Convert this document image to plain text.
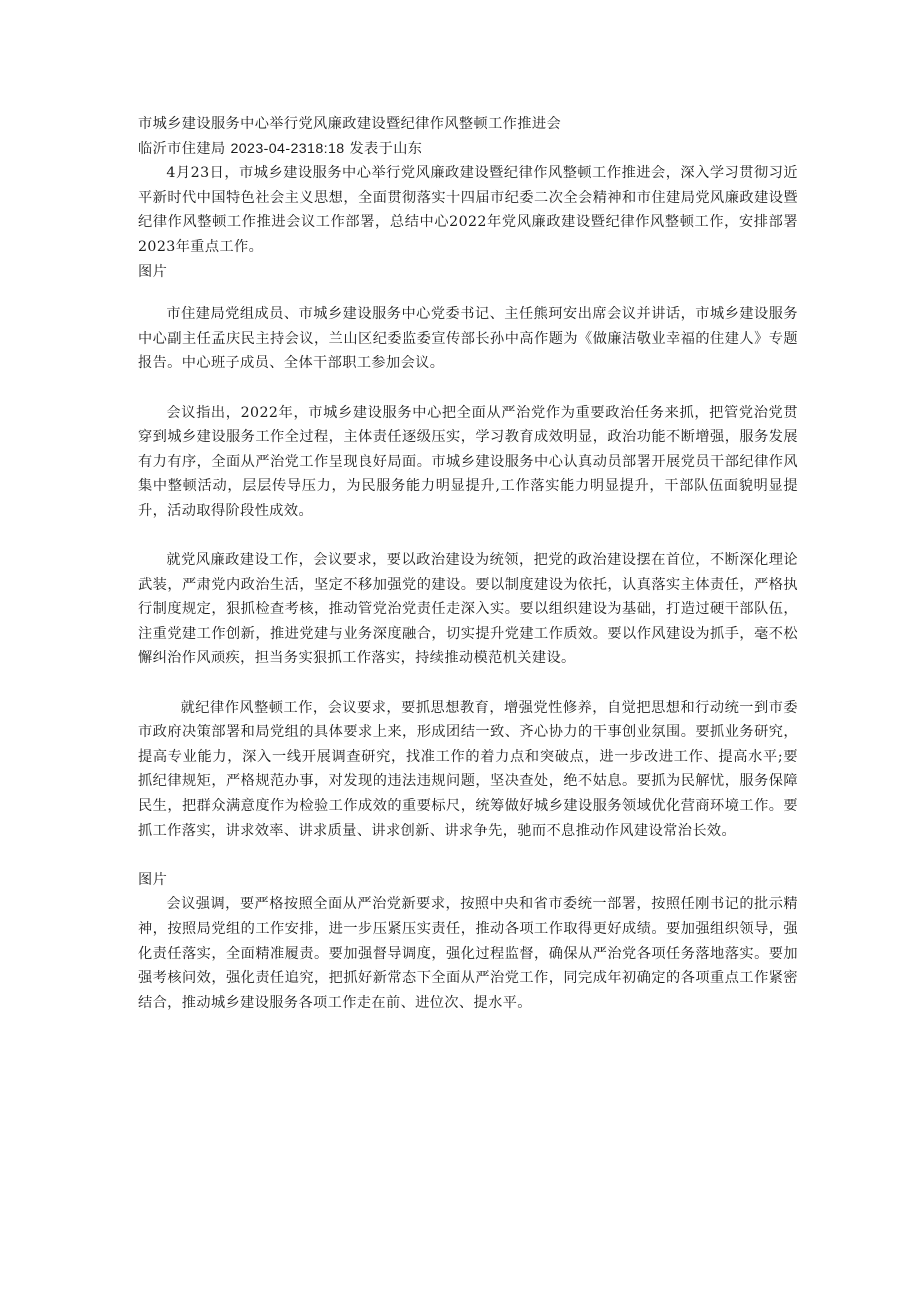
市城乡建设服务中心举行党风廉政建设暨纪律作风整顿工作推进会
临沂市住建局 2023-04-2318:18 发表于山东

4月23日，市城乡建设服务中心举行党风廉政建设暨纪律作风整顿工作推进会，深入学习贯彻习近平新时代中国特色社会主义思想，全面贯彻落实十四届市纪委二次全会精神和市住建局党风廉政建设暨纪律作风整顿工作推进会议工作部署，总结中心2022年党风廉政建设暨纪律作风整顿工作，安排部署2023年重点工作。

图片

市住建局党组成员、市城乡建设服务中心党委书记、主任熊珂安出席会议并讲话，市城乡建设服务中心副主任孟庆民主持会议，兰山区纪委监委宣传部长孙中高作题为《做廉洁敬业幸福的住建人》专题报告。中心班子成员、全体干部职工参加会议。

会议指出，2022年，市城乡建设服务中心把全面从严治党作为重要政治任务来抓，把管党治党贯穿到城乡建设服务工作全过程，主体责任逐级压实，学习教育成效明显，政治功能不断增强，服务发展有力有序，全面从严治党工作呈现良好局面。市城乡建设服务中心认真动员部署开展党员干部纪律作风集中整顿活动，层层传导压力，为民服务能力明显提升,工作落实能力明显提升，干部队伍面貌明显提升，活动取得阶段性成效。

就党风廉政建设工作，会议要求，要以政治建设为统领，把党的政治建设摆在首位，不断深化理论武装，严肃党内政治生活，坚定不移加强党的建设。要以制度建设为依托，认真落实主体责任，严格执行制度规定，狠抓检查考核，推动管党治党责任走深入实。要以组织建设为基础，打造过硬干部队伍，注重党建工作创新，推进党建与业务深度融合，切实提升党建工作质效。要以作风建设为抓手，毫不松懈纠治作风顽疾，担当务实狠抓工作落实，持续推动模范机关建设。

就纪律作风整顿工作，会议要求，要抓思想教育，增强党性修养，自觉把思想和行动统一到市委市政府决策部署和局党组的具体要求上来，形成团结一致、齐心协力的干事创业氛围。要抓业务研究，提高专业能力，深入一线开展调查研究，找准工作的着力点和突破点，进一步改进工作、提高水平;要抓纪律规矩，严格规范办事，对发现的违法违规问题，坚决查处，绝不姑息。要抓为民解忧，服务保障民生，把群众满意度作为检验工作成效的重要标尺，统筹做好城乡建设服务领域优化营商环境工作。要抓工作落实，讲求效率、讲求质量、讲求创新、讲求争先，驰而不息推动作风建设常治长效。

图片

会议强调，要严格按照全面从严治党新要求，按照中央和省市委统一部署，按照任刚书记的批示精神，按照局党组的工作安排，进一步压紧压实责任，推动各项工作取得更好成绩。要加强组织领导，强化责任落实，全面精准履责。要加强督导调度，强化过程监督，确保从严治党各项任务落地落实。要加强考核问效，强化责任追究，把抓好新常态下全面从严治党工作，同完成年初确定的各项重点工作紧密结合，推动城乡建设服务各项工作走在前、进位次、提水平。
